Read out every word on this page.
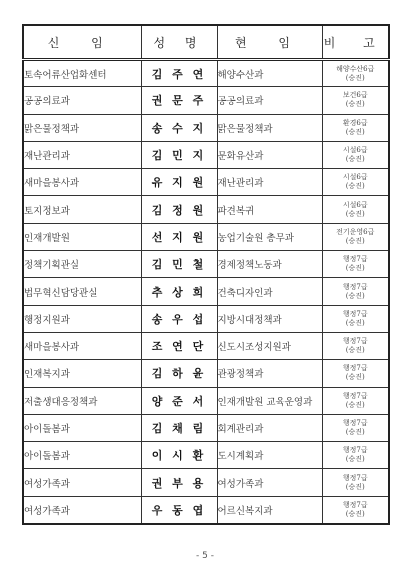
신 임	성 명	현 임	비 고
토속어류산업화센터	김 주 연	해양수산과	해양수산6급
(승진)

공공의료과	권 문 주	공공의료과	보건6급
(승진)

맑은물정책과	송 수 지	맑은물정책과	환경6급
(승진)

재난관리과	김 민 지	문화유산과	시설6급
(승진)

새마을봉사과	유 지 원	재난관리과	시설6급
(승진)

토지정보과	김 정 원	파견복귀	시설6급
(승진)

인재개발원	선 지 원	농업기술원 총무과	전기운영6급
(승진)

정책기획관실	김 민 철	경제정책노동과	행정7급
(승진)

법무혁신담당관실	추 상 희	건축디자인과	행정7급
(승진)

행정지원과	송 우 섭	지방시대정책과	행정7급
(승진)

새마을봉사과	조 연 단	신도시조성지원과	행정7급
(승진)

인재복지과	김 하 윤	관광정책과	행정7급
(승진)

저출생대응정책과	양 준 서	인재개발원 교육운영과	행정7급
(승진)

아이돌봄과	김 채 림	회계관리과	행정7급
(승진)

아이돌봄과	이 시 환	도시계획과	행정7급
(승진)

여성가족과	권 부 용	여성가족과	행정7급
(승진)

여성가족과	우 동 엽	어르신복지과	행정7급
(승진)
- 5 -
